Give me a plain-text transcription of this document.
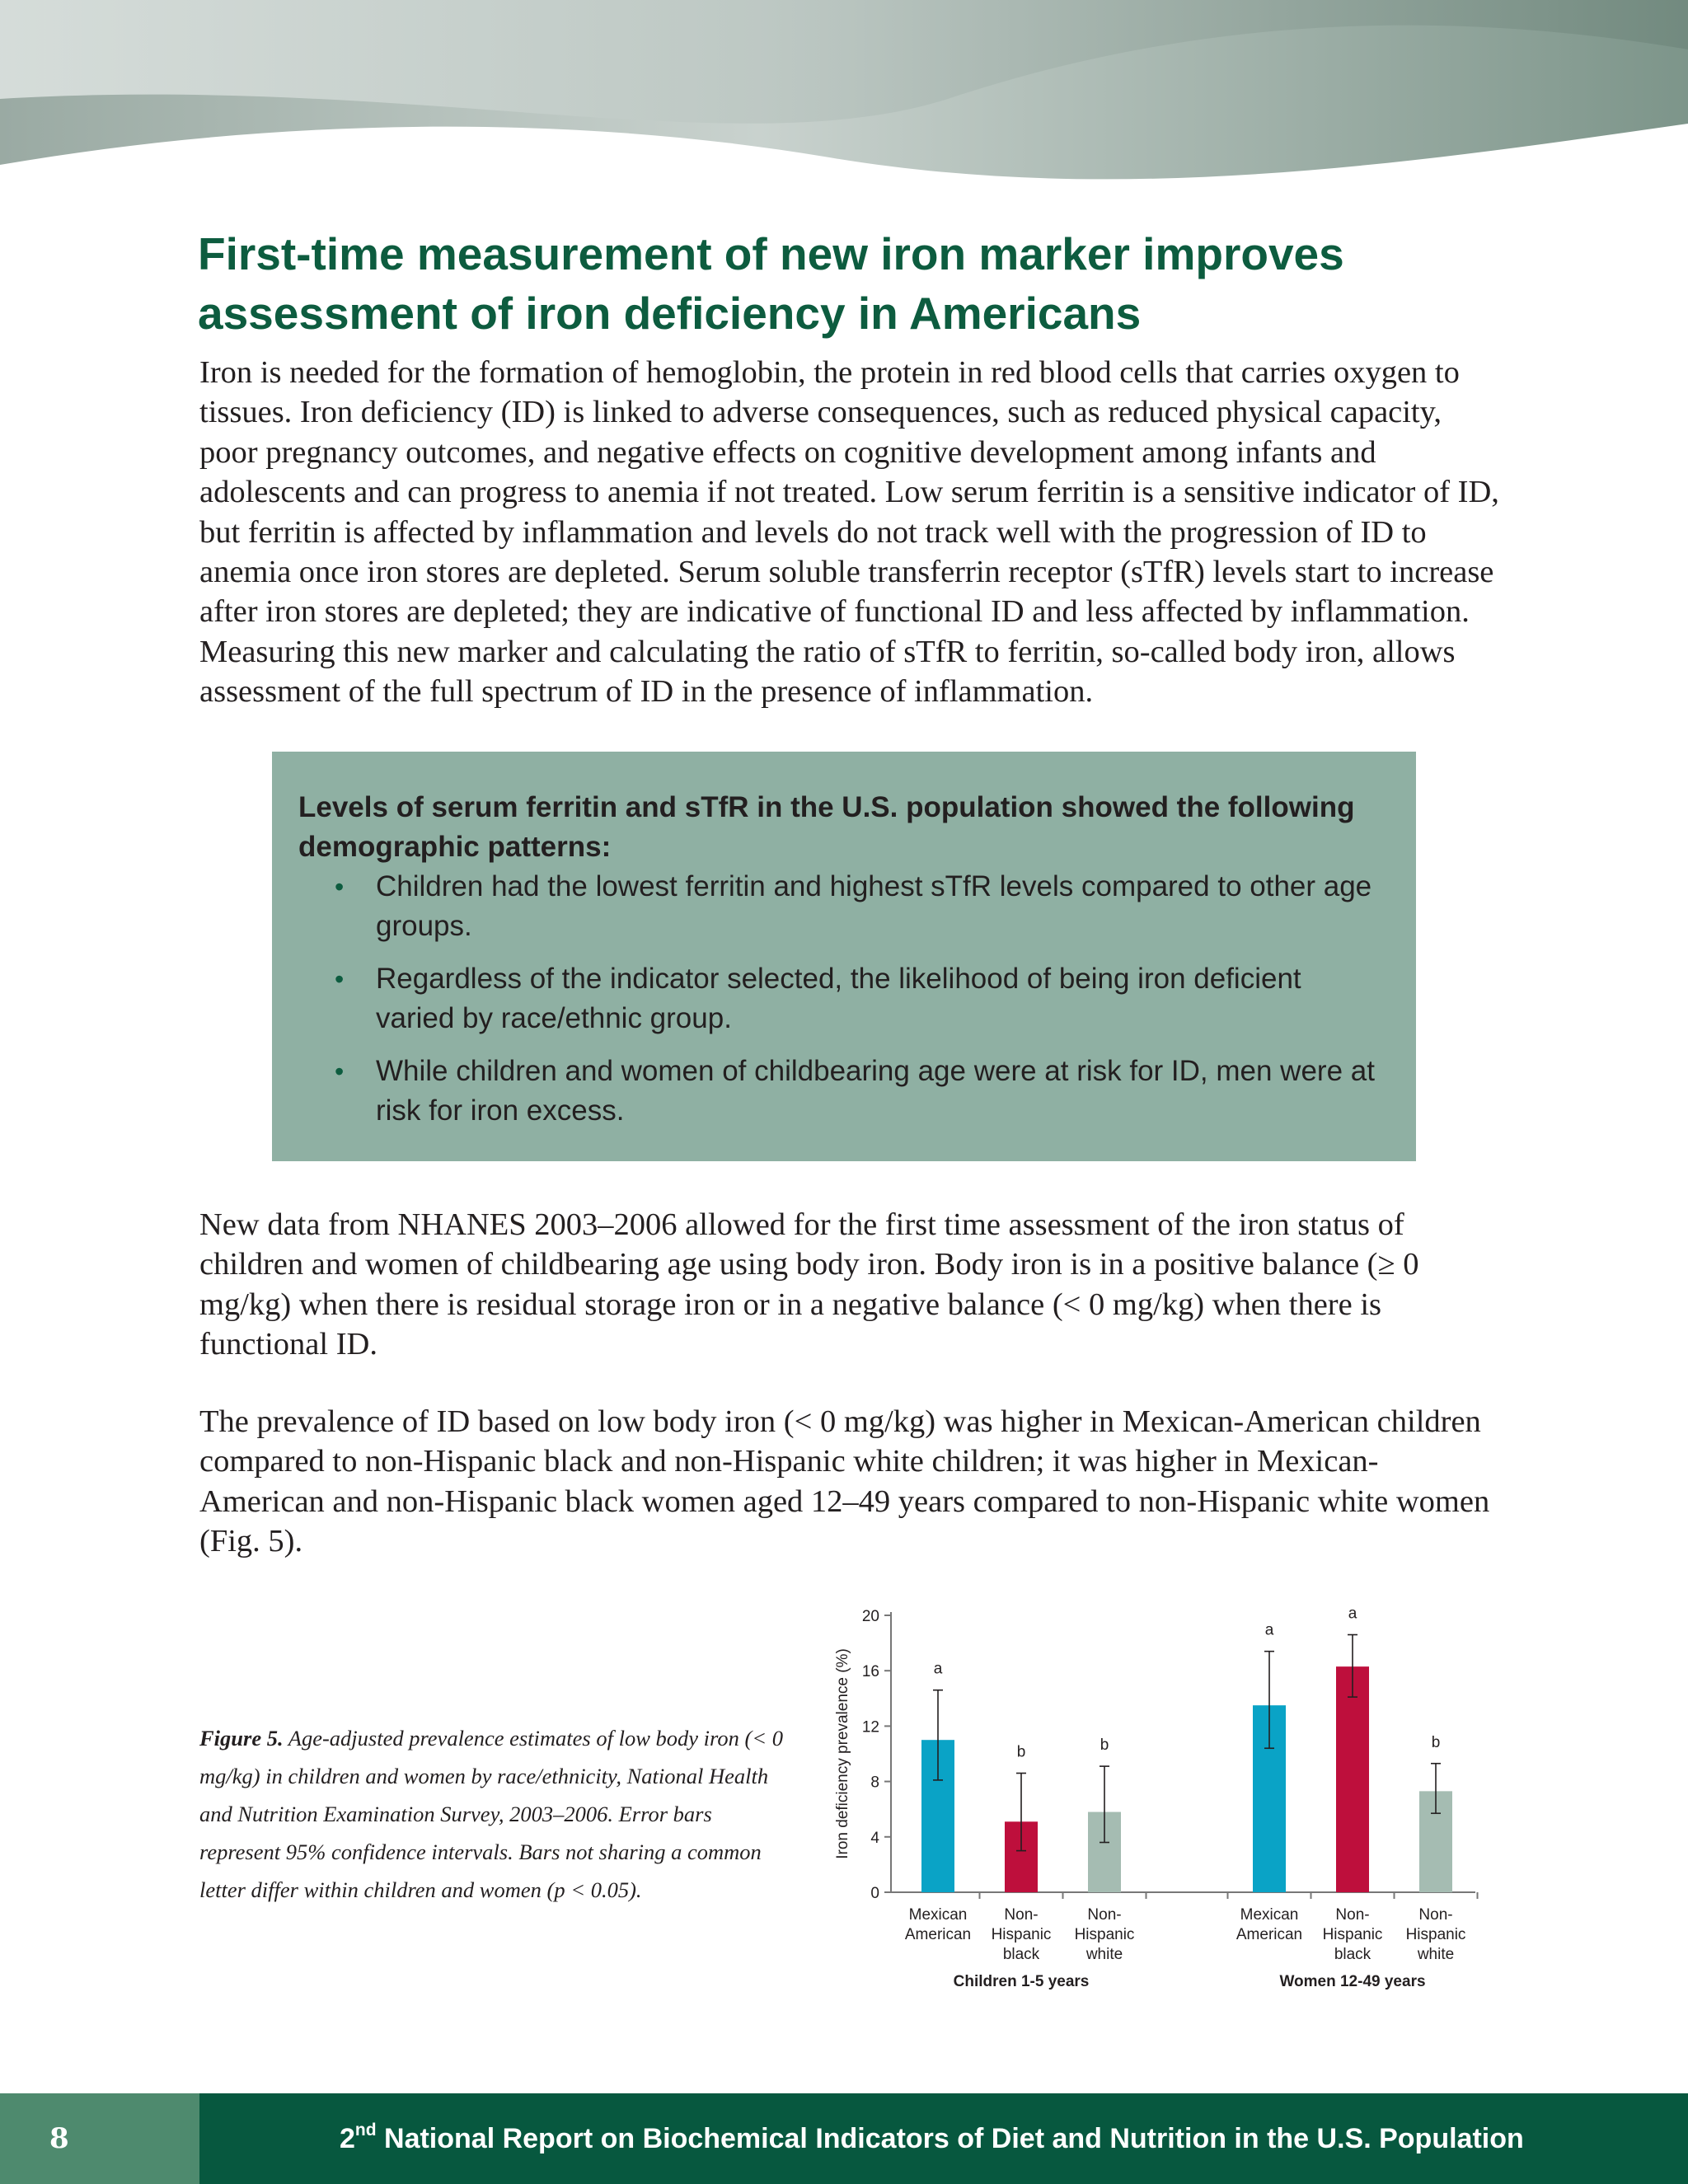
First-time measurement of new iron marker improves
assessment of iron deficiency in Americans

Iron is needed for the formation of hemoglobin, the protein in red blood cells that carries oxygen to tissues. Iron deficiency (ID) is linked to adverse consequences, such as reduced physical capacity, poor pregnancy outcomes, and negative effects on cognitive development among infants and adolescents and can progress to anemia if not treated. Low serum ferritin is a sensitive indicator of ID, but ferritin is affected by inflammation and levels do not track well with the progression of ID to anemia once iron stores are depleted. Serum soluble transferrin receptor (sTfR) levels start to increase after iron stores are depleted; they are indicative of functional ID and less affected by inflammation. Measuring this new marker and calculating the ratio of sTfR to ferritin, so-called body iron, allows assessment of the full spectrum of ID in the presence of inflammation.

Levels of serum ferritin and sTfR in the U.S. population showed the following demographic patterns:

• Children had the lowest ferritin and highest sTfR levels compared to other age groups.
• Regardless of the indicator selected, the likelihood of being iron deficient varied by race/ethnic group.
• While children and women of childbearing age were at risk for ID, men were at risk for iron excess.

New data from NHANES 2003–2006 allowed for the first time assessment of the iron status of children and women of childbearing age using body iron. Body iron is in a positive balance (≥ 0 mg/kg) when there is residual storage iron or in a negative balance (< 0 mg/kg) when there is functional ID.

The prevalence of ID based on low body iron (< 0 mg/kg) was higher in Mexican-American children compared to non-Hispanic black and non-Hispanic white children; it was higher in Mexican-American and non-Hispanic black women aged 12–49 years compared to non-Hispanic white women (Fig. 5).

Figure 5. Age-adjusted prevalence estimates of low body iron (< 0 mg/kg) in children and women by race/ethnicity, National Health and Nutrition Examination Survey, 2003–2006. Error bars represent 95% confidence intervals. Bars not sharing a common letter differ within children and women (p < 0.05).

Iron deficiency prevalence (%)
0
4
8
12
16
20
a
Mexican
American
b
Non-
Hispanic
black
b
Non-
Hispanic
white
Children 1-5 years
a
Mexican
American
a
Non-
Hispanic
black
b
Non-
Hispanic
white
Women 12-49 years
8	2nd National Report on Biochemical Indicators of Diet and Nutrition in the U.S. Population
